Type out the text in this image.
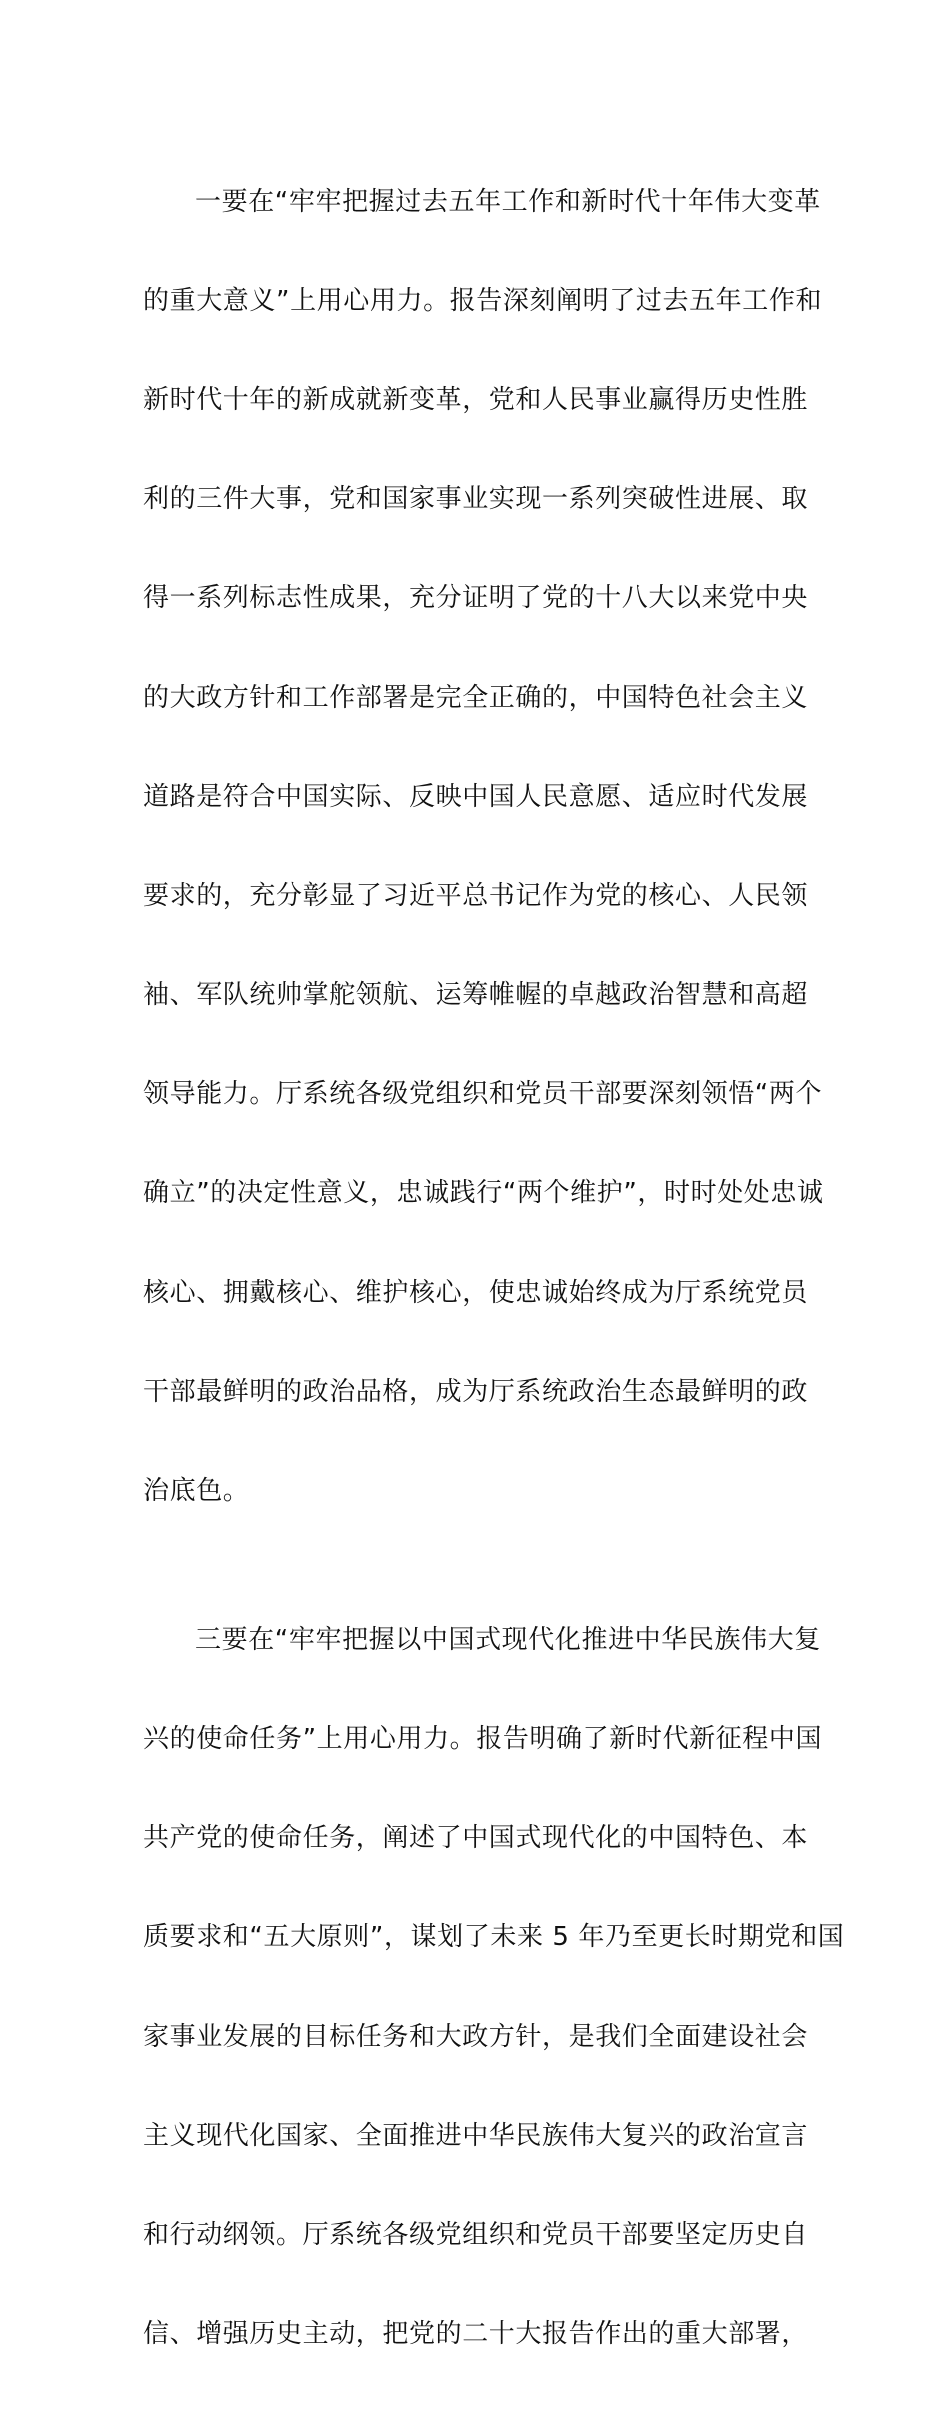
一要在“牢牢把握过去五年工作和新时代十年伟大变革

的重大意义”上用心用力。报告深刻阐明了过去五年工作和

新时代十年的新成就新变革，党和人民事业赢得历史性胜

利的三件大事，党和国家事业实现一系列突破性进展、取

得一系列标志性成果，充分证明了党的十八大以来党中央

的大政方针和工作部署是完全正确的，中国特色社会主义

道路是符合中国实际、反映中国人民意愿、适应时代发展

要求的，充分彰显了习近平总书记作为党的核心、人民领

袖、军队统帅掌舵领航、运筹帷幄的卓越政治智慧和高超

领导能力。厅系统各级党组织和党员干部要深刻领悟“两个

确立”的决定性意义，忠诚践行“两个维护”，时时处处忠诚

核心、拥戴核心、维护核心，使忠诚始终成为厅系统党员

干部最鲜明的政治品格，成为厅系统政治生态最鲜明的政

治底色。

三要在“牢牢把握以中国式现代化推进中华民族伟大复

兴的使命任务”上用心用力。报告明确了新时代新征程中国

共产党的使命任务，阐述了中国式现代化的中国特色、本

质要求和“五大原则”，谋划了未来 5 年乃至更长时期党和国

家事业发展的目标任务和大政方针，是我们全面建设社会

主义现代化国家、全面推进中华民族伟大复兴的政治宣言

和行动纲领。厅系统各级党组织和党员干部要坚定历史自

信、增强历史主动，把党的二十大报告作出的重大部署，
